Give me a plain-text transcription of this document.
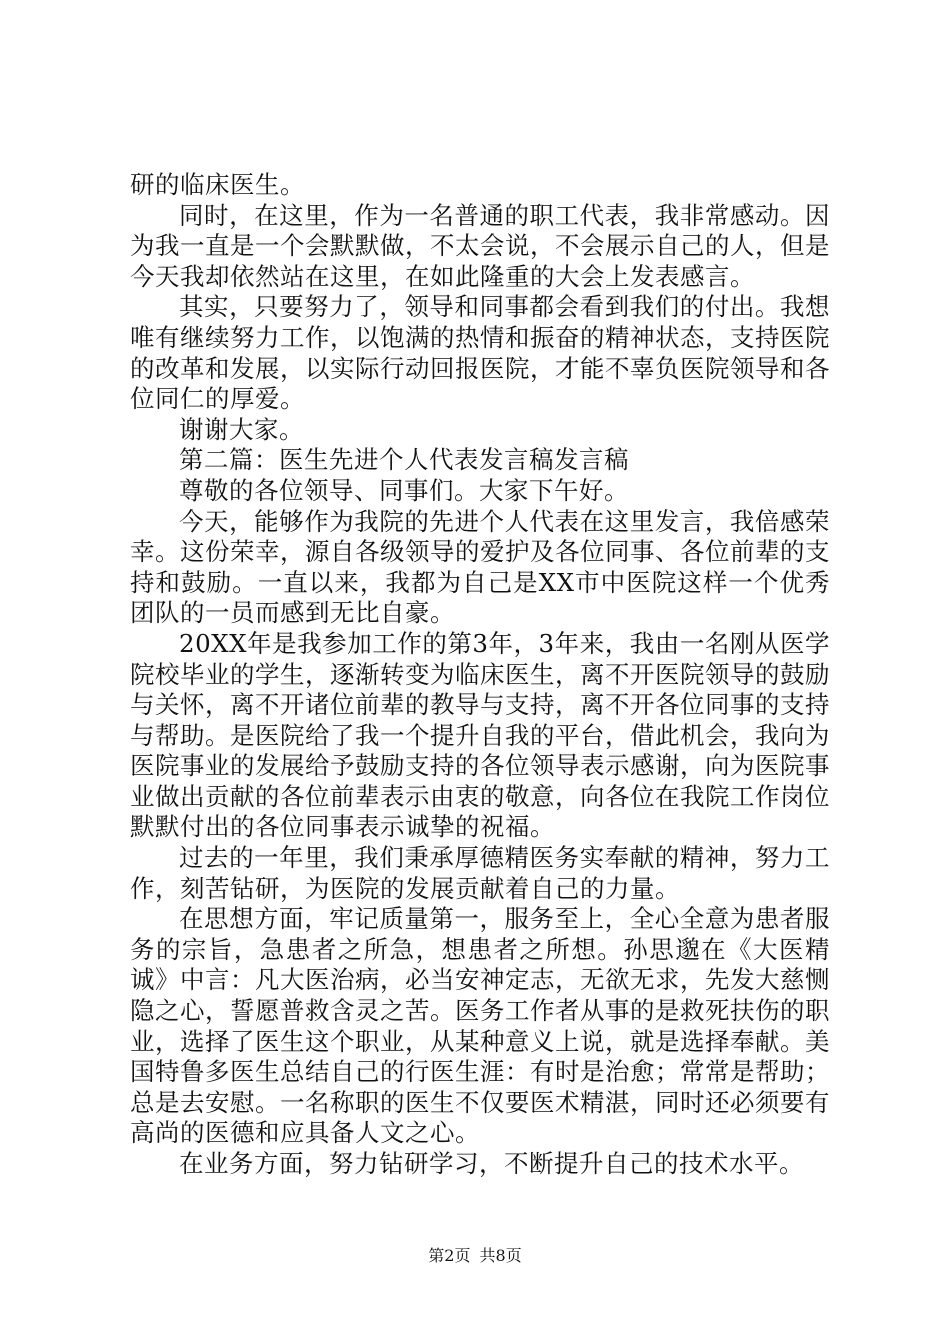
研的临床医生。

同时，在这里，作为一名普通的职工代表，我非常感动。因为我一直是一个会默默做，不太会说，不会展示自己的人，但是今天我却依然站在这里，在如此隆重的大会上发表感言。

其实，只要努力了，领导和同事都会看到我们的付出。我想唯有继续努力工作，以饱满的热情和振奋的精神状态，支持医院的改革和发展，以实际行动回报医院，才能不辜负医院领导和各位同仁的厚爱。

谢谢大家。

第二篇：医生先进个人代表发言稿发言稿

尊敬的各位领导、同事们。大家下午好。

今天，能够作为我院的先进个人代表在这里发言，我倍感荣幸。这份荣幸，源自各级领导的爱护及各位同事、各位前辈的支持和鼓励。一直以来，我都为自己是XX市中医院这样一个优秀团队的一员而感到无比自豪。

20XX年是我参加工作的第3年，3年来，我由一名刚从医学院校毕业的学生，逐渐转变为临床医生，离不开医院领导的鼓励与关怀，离不开诸位前辈的教导与支持，离不开各位同事的支持与帮助。是医院给了我一个提升自我的平台，借此机会，我向为医院事业的发展给予鼓励支持的各位领导表示感谢，向为医院事业做出贡献的各位前辈表示由衷的敬意，向各位在我院工作岗位默默付出的各位同事表示诚挚的祝福。

过去的一年里，我们秉承厚德精医务实奉献的精神，努力工作，刻苦钻研，为医院的发展贡献着自己的力量。

在思想方面，牢记质量第一，服务至上，全心全意为患者服务的宗旨，急患者之所急，想患者之所想。孙思邈在《大医精诚》中言：凡大医治病，必当安神定志，无欲无求，先发大慈恻隐之心，誓愿普救含灵之苦。医务工作者从事的是救死扶伤的职业，选择了医生这个职业，从某种意义上说，就是选择奉献。美国特鲁多医生总结自己的行医生涯：有时是治愈；常常是帮助；总是去安慰。一名称职的医生不仅要医术精湛，同时还必须要有高尚的医德和应具备人文之心。

在业务方面，努力钻研学习，不断提升自己的技术水平。

第2页 共8页
